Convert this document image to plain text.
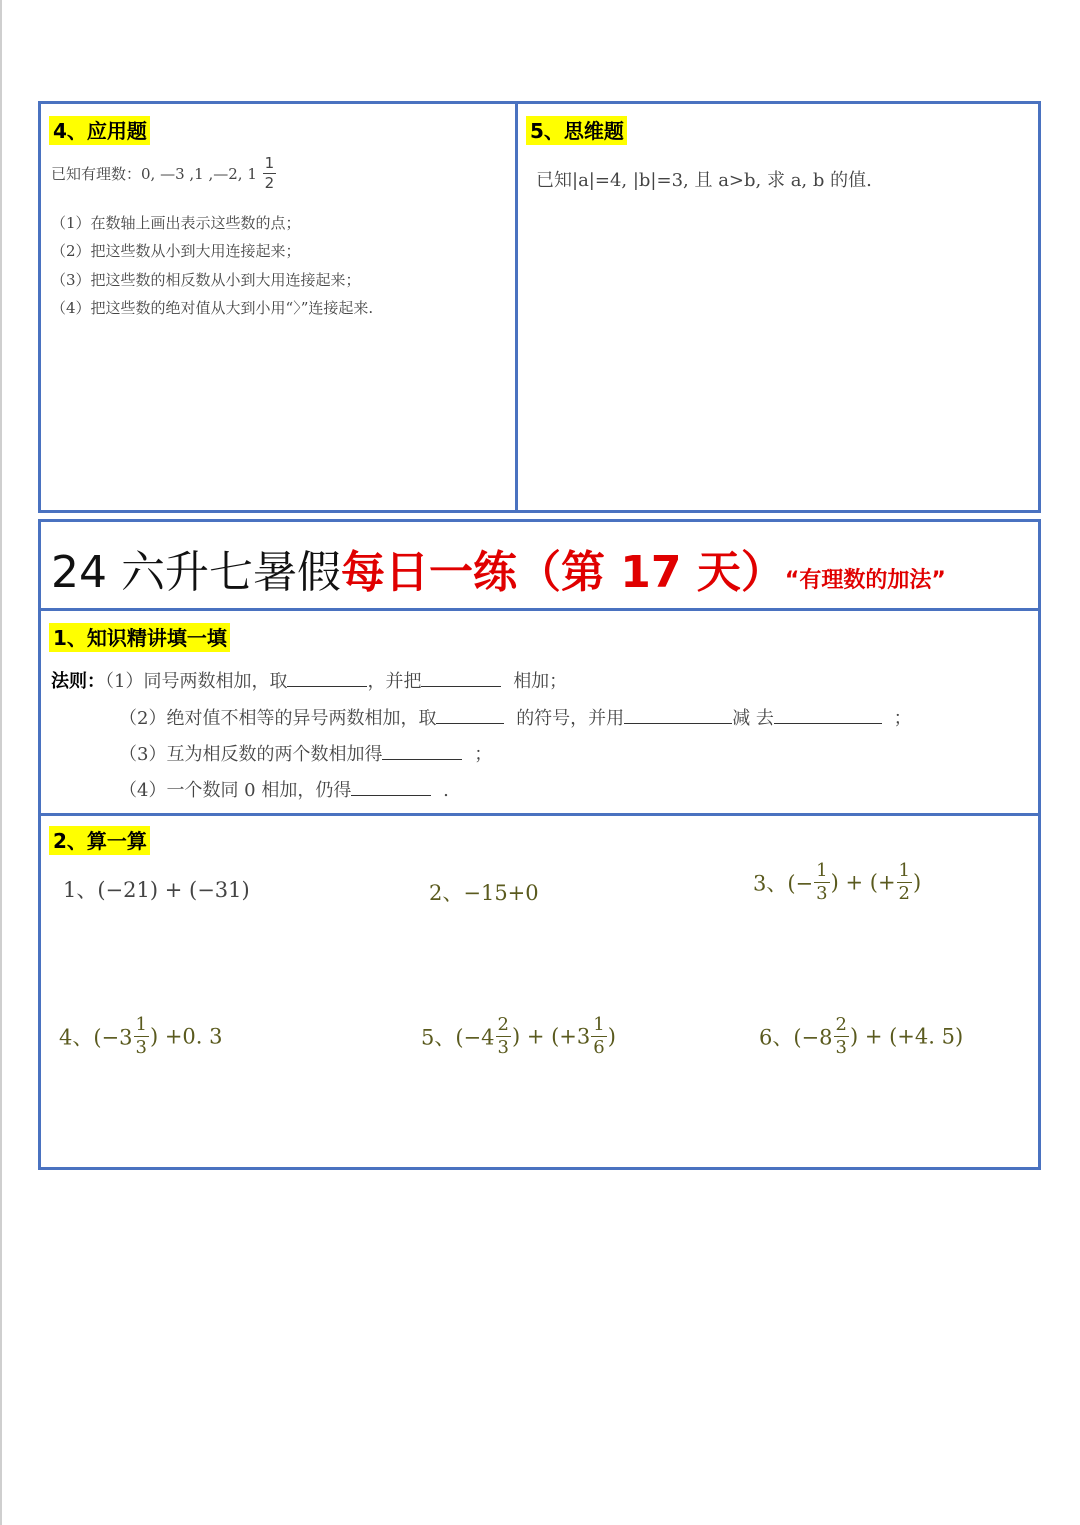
4、应用题
已知有理数：0, —3 ,1 ,—2, $1 \frac{1}{2}$
（1）在数轴上画出表示这些数的点；
（2）把这些数从小到大用连接起来；
（3）把这些数的相反数从小到大用连接起来；
（4）把这些数的绝对值从大到小用“〉”连接起来.
5、思维题
已知|a|=4, |b|=3, 且 a>b, 求 a, b 的值.
24 六升七暑假每日一练（第 17 天）“有理数的加法”
1、知识精讲填一填
法则：（1）同号两数相加，取	，并把	相加；
（2）绝对值不相等的异号两数相加，取	的符号，并用	减 去	；
（3）互为相反数的两个数相加得	；
（4）一个数同 0 相加，仍得	.
2、算一算
1、(−21) + (−31)	2、−15+0	3、(− $\frac{1}{3}$ ) + (+ $\frac{1}{2}$ )
4、($-3 \frac{1}{3}$ ) +0. 3	5、($-4 \frac{2}{3}$ ) + ($+3 \frac{1}{6}$ )	6、($-8 \frac{2}{3}$ ) + (+4. 5)
